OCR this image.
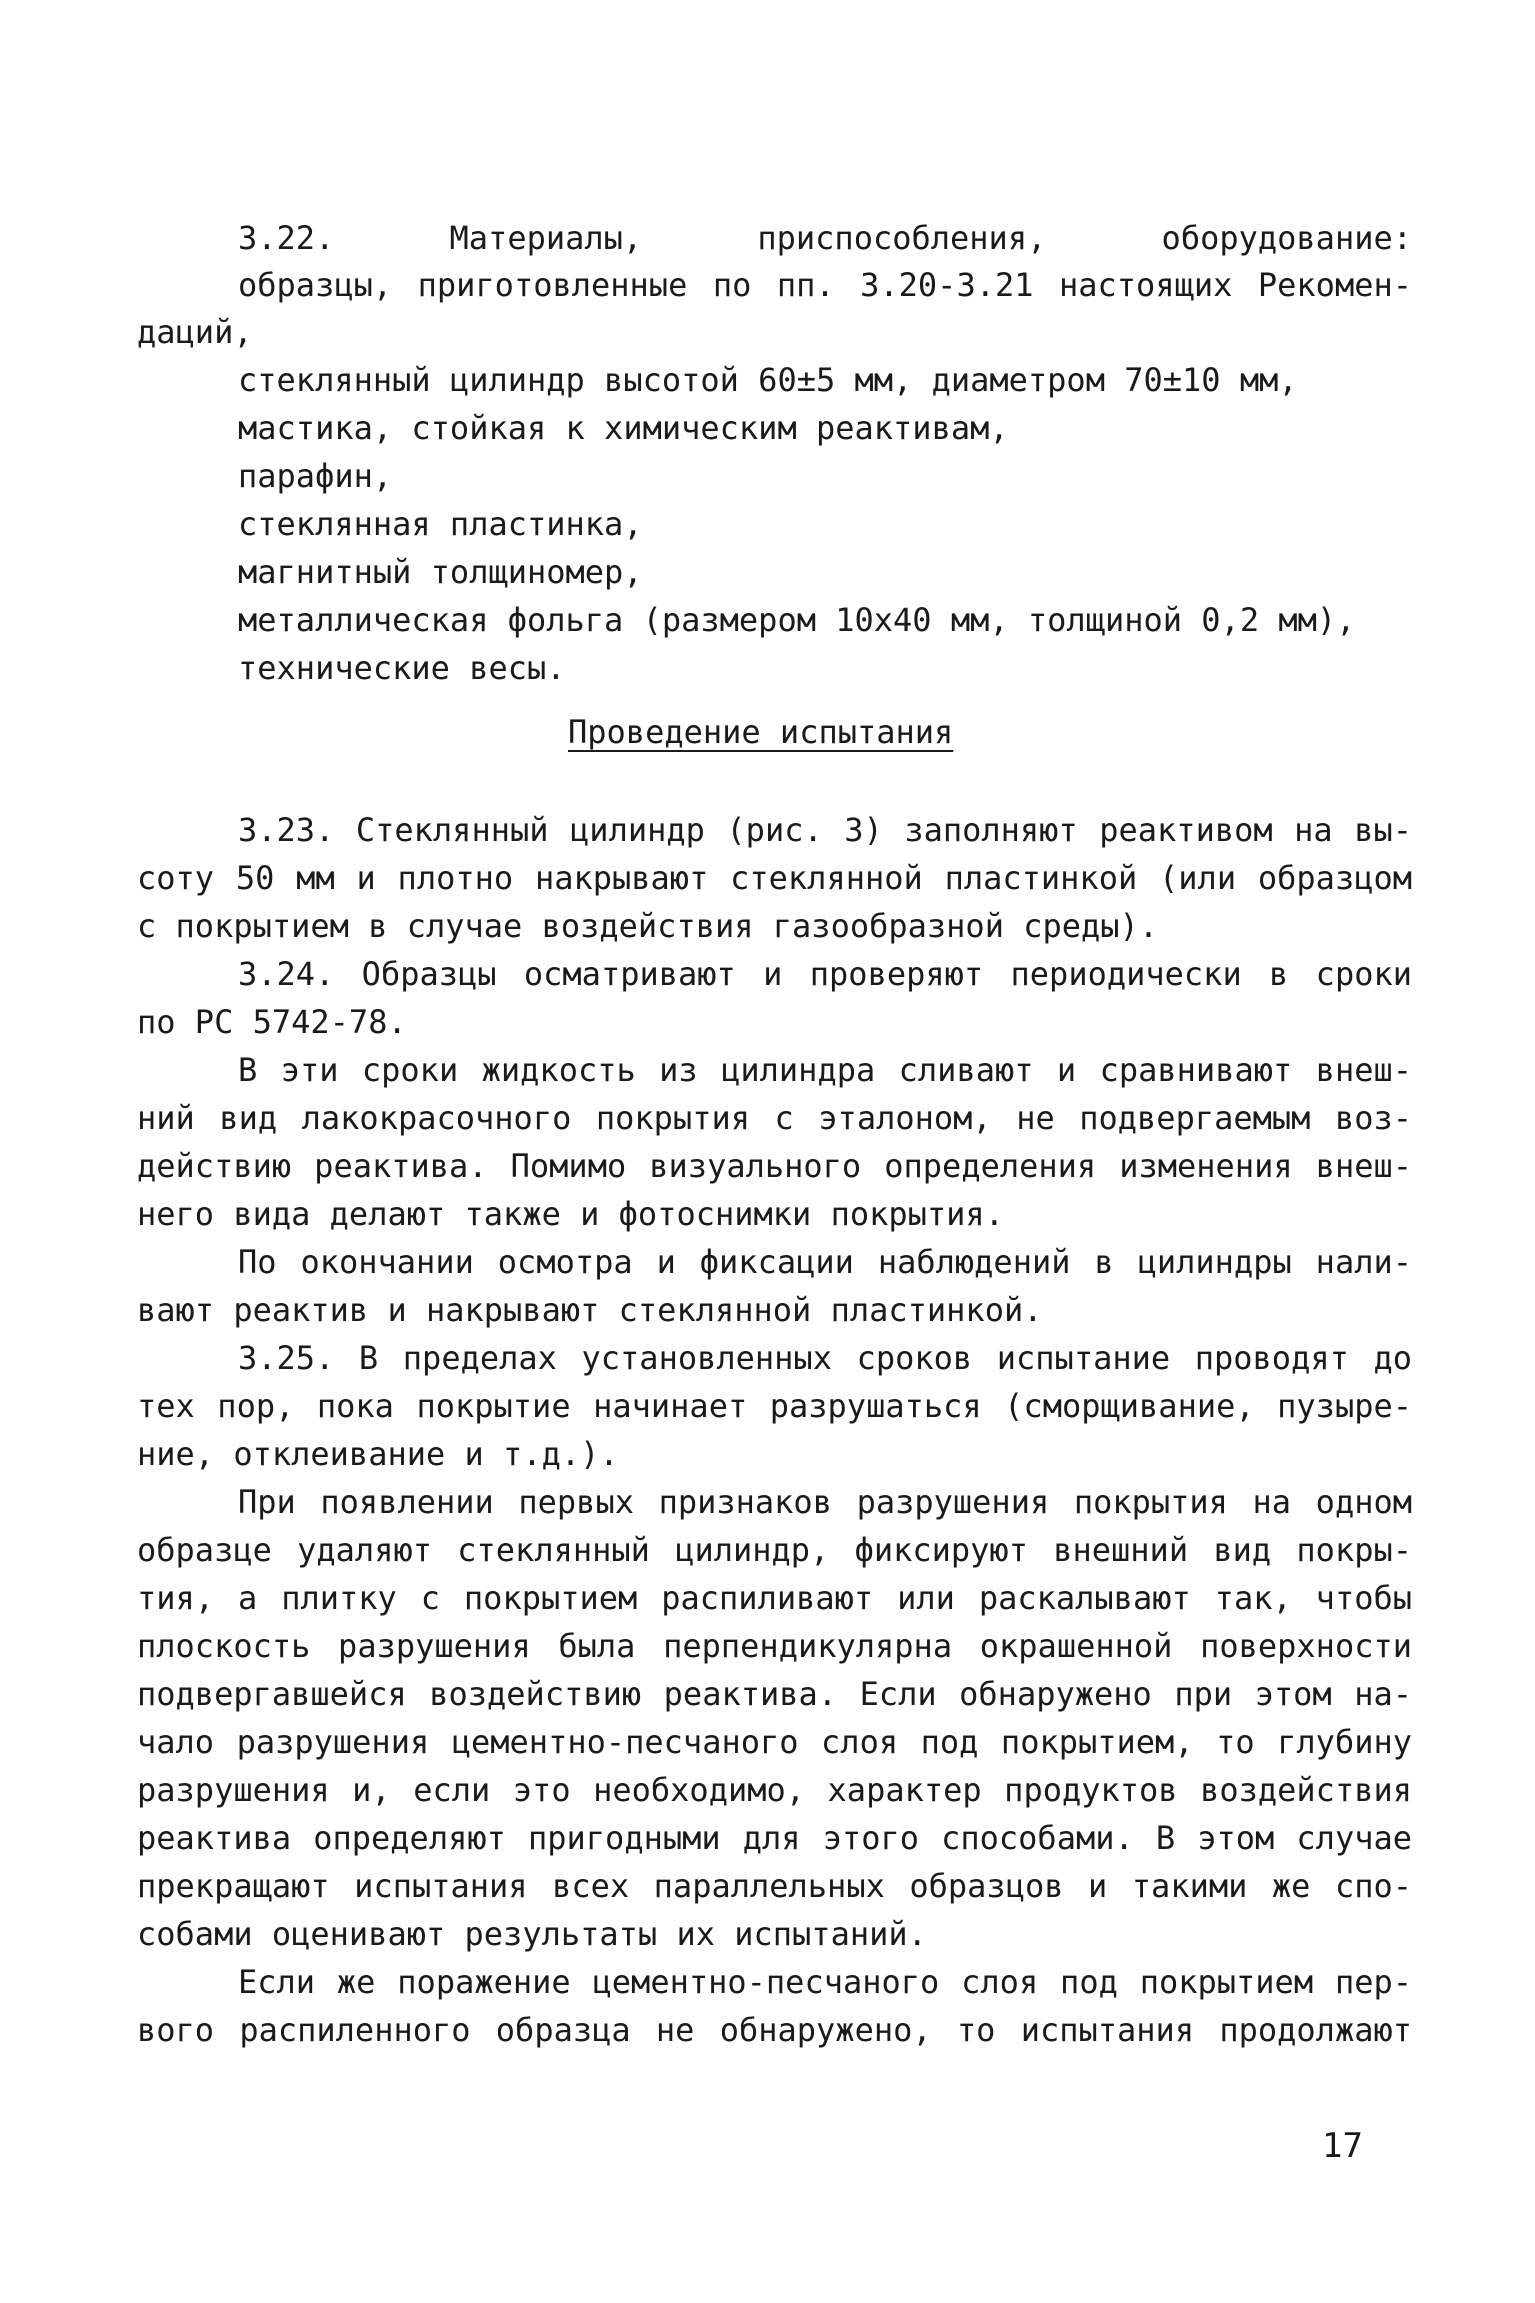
3.22. Материалы, приспособления, оборудование:

образцы, приготовленные по пп. 3.20-3.21 настоящих Рекомен-

даций,

стеклянный цилиндр высотой 60±5 мм, диаметром 70±10 мм,

мастика, стойкая к химическим реактивам,

парафин,

стеклянная пластинка,

магнитный толщиномер,

металлическая фольга (размером 10х40 мм, толщиной 0,2 мм),

технические весы.

Проведение испытания

3.23. Стеклянный цилиндр (рис. 3) заполняют реактивом на вы-

соту 50 мм и плотно накрывают стеклянной пластинкой (или образцом

с покрытием в случае воздействия газообразной среды).

3.24. Образцы осматривают и проверяют периодически в сроки

по РС 5742-78.

В эти сроки жидкость из цилиндра сливают и сравнивают внеш-

ний вид лакокрасочного покрытия с эталоном, не подвергаемым воз-

действию реактива. Помимо визуального определения изменения внеш-

него вида делают также и фотоснимки покрытия.

По окончании осмотра и фиксации наблюдений в цилиндры нали-

вают реактив и накрывают стеклянной пластинкой.

3.25. В пределах установленных сроков испытание проводят до

тех пор, пока покрытие начинает разрушаться (сморщивание, пузыре-

ние, отклеивание и т.д.).

При появлении первых признаков разрушения покрытия на одном

образце удаляют стеклянный цилиндр, фиксируют внешний вид покры-

тия, а плитку с покрытием распиливают или раскалывают так, чтобы

плоскость разрушения была перпендикулярна окрашенной поверхности

подвергавшейся воздействию реактива. Если обнаружено при этом на-

чало разрушения цементно-песчаного слоя под покрытием, то глубину

разрушения и, если это необходимо, характер продуктов воздействия

реактива определяют пригодными для этого способами. В этом случае

прекращают испытания всех параллельных образцов и такими же спо-

собами оценивают результаты их испытаний.

Если же поражение цементно-песчаного слоя под покрытием пер-

вого распиленного образца не обнаружено, то испытания продолжают

17
